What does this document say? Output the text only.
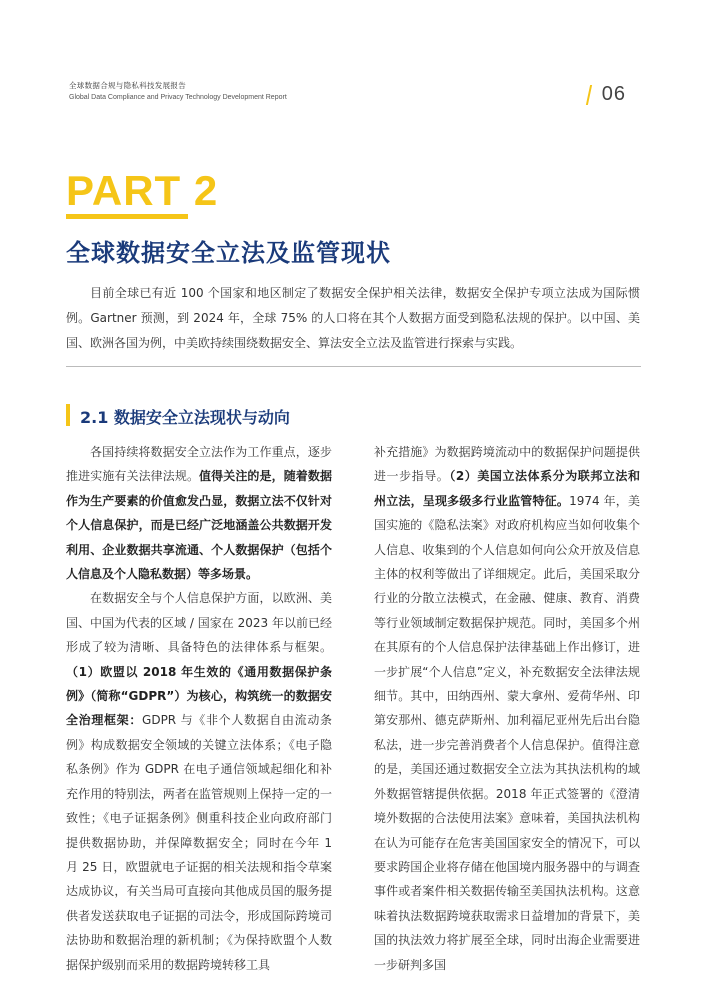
全球数据合规与隐私科技发展报告
Global Data Compliance and Privacy Technology Development Report	06
PART 2
全球数据安全立法及监管现状
目前全球已有近 100 个国家和地区制定了数据安全保护相关法律，数据安全保护专项立法成为国际惯例。Gartner 预测，到 2024 年，全球 75% 的人口将在其个人数据方面受到隐私法规的保护。以中国、美国、欧洲各国为例，中美欧持续围绕数据安全、算法安全立法及监管进行探索与实践。
2.1 数据安全立法现状与动向

各国持续将数据安全立法作为工作重点，逐步推进实施有关法律法规。值得关注的是，随着数据作为生产要素的价值愈发凸显，数据立法不仅针对个人信息保护，而是已经广泛地涵盖公共数据开发利用、企业数据共享流通、个人数据保护（包括个人信息及个人隐私数据）等多场景。

在数据安全与个人信息保护方面，以欧洲、美国、中国为代表的区域 / 国家在 2023 年以前已经形成了较为清晰、具备特色的法律体系与框架。（1）欧盟以 2018 年生效的《通用数据保护条例》（简称“GDPR”）为核心，构筑统一的数据安全治理框架：GDPR 与《非个人数据自由流动条例》构成数据安全领域的关键立法体系；《电子隐私条例》作为 GDPR 在电子通信领域起细化和补充作用的特别法，两者在监管规则上保持一定的一致性；《电子证据条例》侧重科技企业向政府部门提供数据协助，并保障数据安全；同时在今年 1 月 25 日，欧盟就电子证据的相关法规和指令草案达成协议，有关当局可直接向其他成员国的服务提供者发送获取电子证据的司法令，形成国际跨境司法协助和数据治理的新机制；《为保持欧盟个人数据保护级别而采用的数据跨境转移工具

补充措施》为数据跨境流动中的数据保护问题提供进一步指导。（2）美国立法体系分为联邦立法和州立法，呈现多级多行业监管特征。1974 年，美国实施的《隐私法案》对政府机构应当如何收集个人信息、收集到的个人信息如何向公众开放及信息主体的权利等做出了详细规定。此后，美国采取分行业的分散立法模式，在金融、健康、教育、消费等行业领域制定数据保护规范。同时，美国多个州在其原有的个人信息保护法律基础上作出修订，进一步扩展“个人信息”定义，补充数据安全法律法规细节。其中，田纳西州、蒙大拿州、爱荷华州、印第安那州、德克萨斯州、加利福尼亚州先后出台隐私法，进一步完善消费者个人信息保护。值得注意的是，美国还通过数据安全立法为其执法机构的域外数据管辖提供依据。2018 年正式签署的《澄清境外数据的合法使用法案》意味着，美国执法机构在认为可能存在危害美国国家安全的情况下，可以要求跨国企业将存储在他国境内服务器中的与调查事件或者案件相关数据传输至美国执法机构。这意味着执法数据跨境获取需求日益增加的背景下，美国的执法效力将扩展至全球，同时出海企业需要进一步研判多国
